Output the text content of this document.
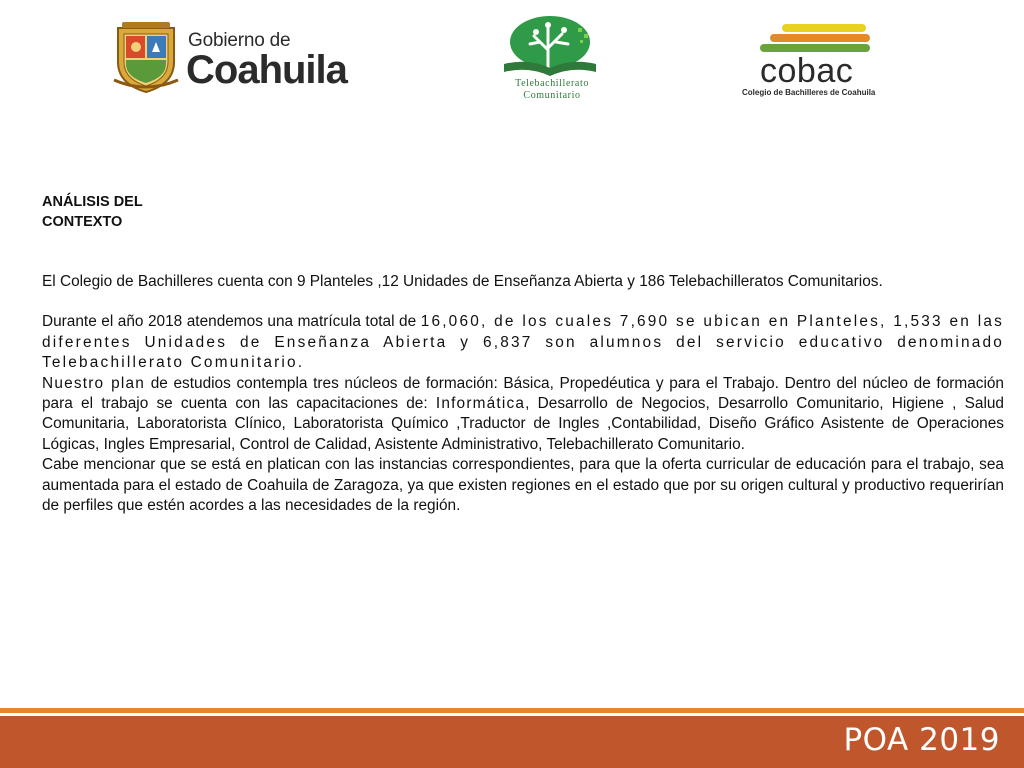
Gobierno de
Coahuila	Telebachillerato
Comunitario
cobac
Colegio de Bachilleres de Coahuila

ANÁLISIS DEL
CONTEXTO

El Colegio de Bachilleres cuenta con 9 Planteles ,12 Unidades de Enseñanza Abierta y 186 Telebachilleratos Comunitarios.

Durante el año 2018 atendemos una matrícula total de 16,060, de los cuales 7,690 se ubican en Planteles, 1,533 en las diferentes Unidades de Enseñanza Abierta y 6,837 son alumnos del servicio educativo denominado Telebachillerato Comunitario.

Nuestro plan de estudios contempla tres núcleos de formación: Básica, Propedéutica y para el Trabajo. Dentro del núcleo de formación para el trabajo se cuenta con las capacitaciones de: Informática, Desarrollo de Negocios, Desarrollo Comunitario, Higiene , Salud Comunitaria, Laboratorista Clínico, Laboratorista Químico ,Traductor de Ingles ,Contabilidad, Diseño Gráfico Asistente de Operaciones Lógicas, Ingles Empresarial, Control de Calidad, Asistente Administrativo, Telebachillerato Comunitario.

Cabe mencionar que se está en platican con las instancias correspondientes, para que la oferta curricular de educación para el trabajo, sea aumentada para el estado de Coahuila de Zaragoza, ya que existen regiones en el estado que por su origen cultural y productivo requerirían de perfiles que estén acordes a las necesidades de la región.

POA 2019
